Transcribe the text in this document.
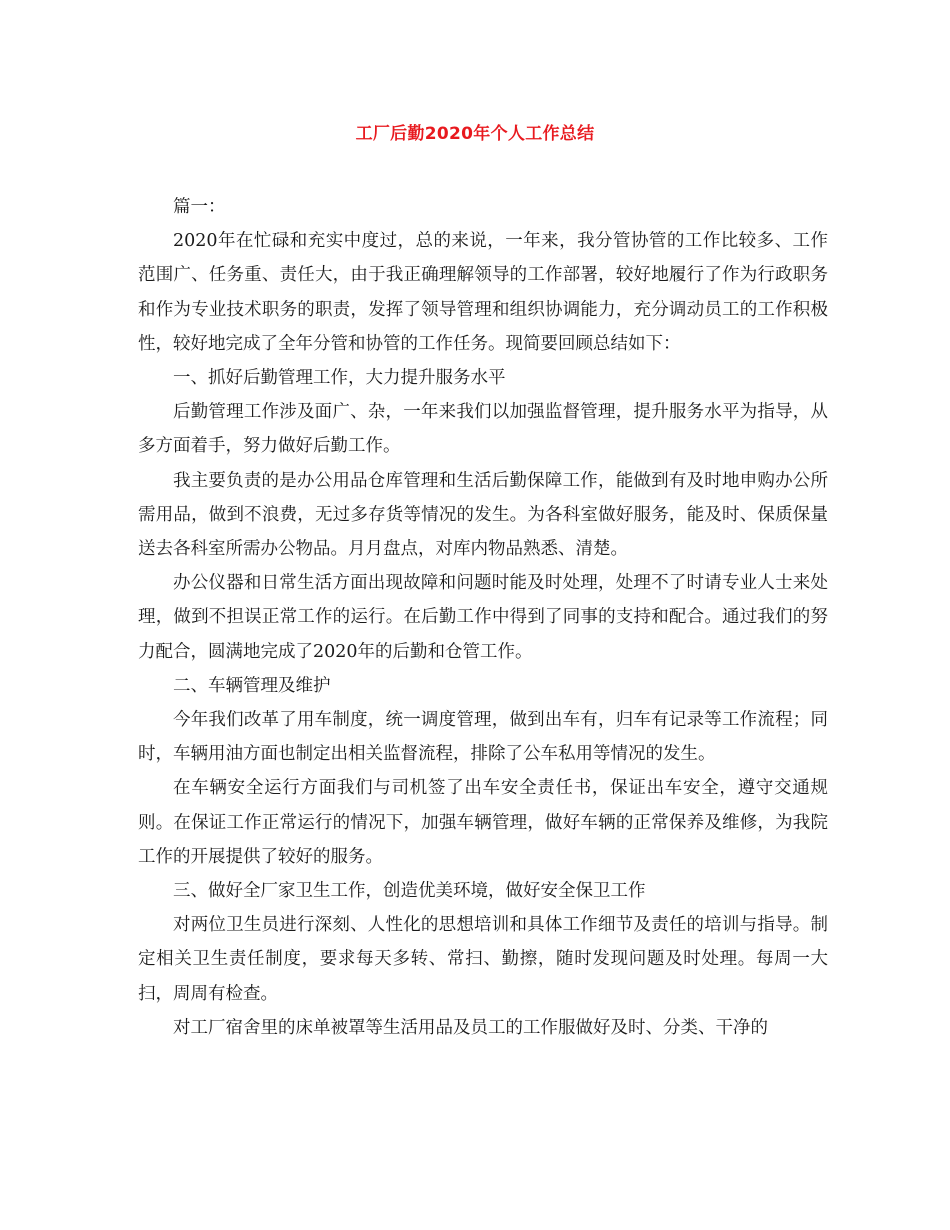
工厂后勤2020年个人工作总结

篇一：

2020年在忙碌和充实中度过，总的来说，一年来，我分管协管的工作比较多、工作范围广、任务重、责任大，由于我正确理解领导的工作部署，较好地履行了作为行政职务和作为专业技术职务的职责，发挥了领导管理和组织协调能力，充分调动员工的工作积极性，较好地完成了全年分管和协管的工作任务。现简要回顾总结如下：

一、抓好后勤管理工作，大力提升服务水平

后勤管理工作涉及面广、杂，一年来我们以加强监督管理，提升服务水平为指导，从多方面着手，努力做好后勤工作。

我主要负责的是办公用品仓库管理和生活后勤保障工作，能做到有及时地申购办公所需用品，做到不浪费，无过多存货等情况的发生。为各科室做好服务，能及时、保质保量送去各科室所需办公物品。月月盘点，对库内物品熟悉、清楚。

办公仪器和日常生活方面出现故障和问题时能及时处理，处理不了时请专业人士来处理，做到不担误正常工作的运行。在后勤工作中得到了同事的支持和配合。通过我们的努力配合，圆满地完成了2020年的后勤和仓管工作。

二、车辆管理及维护

今年我们改革了用车制度，统一调度管理，做到出车有，归车有记录等工作流程；同时，车辆用油方面也制定出相关监督流程，排除了公车私用等情况的发生。

在车辆安全运行方面我们与司机签了出车安全责任书，保证出车安全，遵守交通规则。在保证工作正常运行的情况下，加强车辆管理，做好车辆的正常保养及维修，为我院工作的开展提供了较好的服务。

三、做好全厂家卫生工作，创造优美环境，做好安全保卫工作

对两位卫生员进行深刻、人性化的思想培训和具体工作细节及责任的培训与指导。制定相关卫生责任制度，要求每天多转、常扫、勤擦，随时发现问题及时处理。每周一大扫，周周有检查。

对工厂宿舍里的床单被罩等生活用品及员工的工作服做好及时、分类、干净的
